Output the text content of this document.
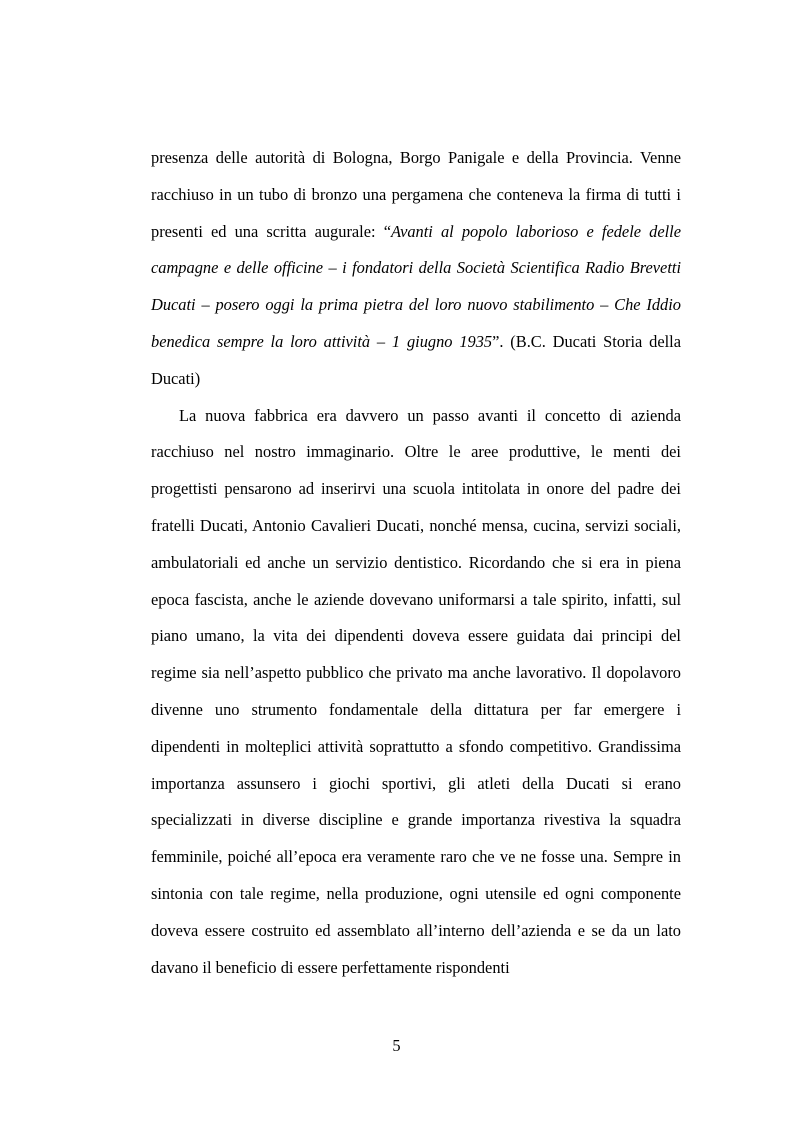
presenza delle autorità di Bologna, Borgo Panigale e della Provincia. Venne racchiuso in un tubo di bronzo una pergamena che conteneva la firma di tutti i presenti ed una scritta augurale: “Avanti al popolo laborioso e fedele delle campagne e delle officine – i fondatori della Società Scientifica Radio Brevetti Ducati – posero oggi la prima pietra del loro nuovo stabilimento – Che Iddio benedica sempre la loro attività – 1 giugno 1935”. (B.C. Ducati Storia della Ducati)

La nuova fabbrica era davvero un passo avanti il concetto di azienda racchiuso nel nostro immaginario. Oltre le aree produttive, le menti dei progettisti pensarono ad inserirvi una scuola intitolata in onore del padre dei fratelli Ducati, Antonio Cavalieri Ducati, nonché mensa, cucina, servizi sociali, ambulatoriali ed anche un servizio dentistico. Ricordando che si era in piena epoca fascista, anche le aziende dovevano uniformarsi a tale spirito, infatti, sul piano umano, la vita dei dipendenti doveva essere guidata dai principi del regime sia nell’aspetto pubblico che privato ma anche lavorativo. Il dopolavoro divenne uno strumento fondamentale della dittatura per far emergere i dipendenti in molteplici attività soprattutto a sfondo competitivo. Grandissima importanza assunsero i giochi sportivi, gli atleti della Ducati si erano specializzati in diverse discipline e grande importanza rivestiva la squadra femminile, poiché all’epoca era veramente raro che ve ne fosse una. Sempre in sintonia con tale regime, nella produzione, ogni utensile ed ogni componente doveva essere costruito ed assemblato all’interno dell’azienda e se da un lato davano il beneficio di essere perfettamente rispondenti

5
